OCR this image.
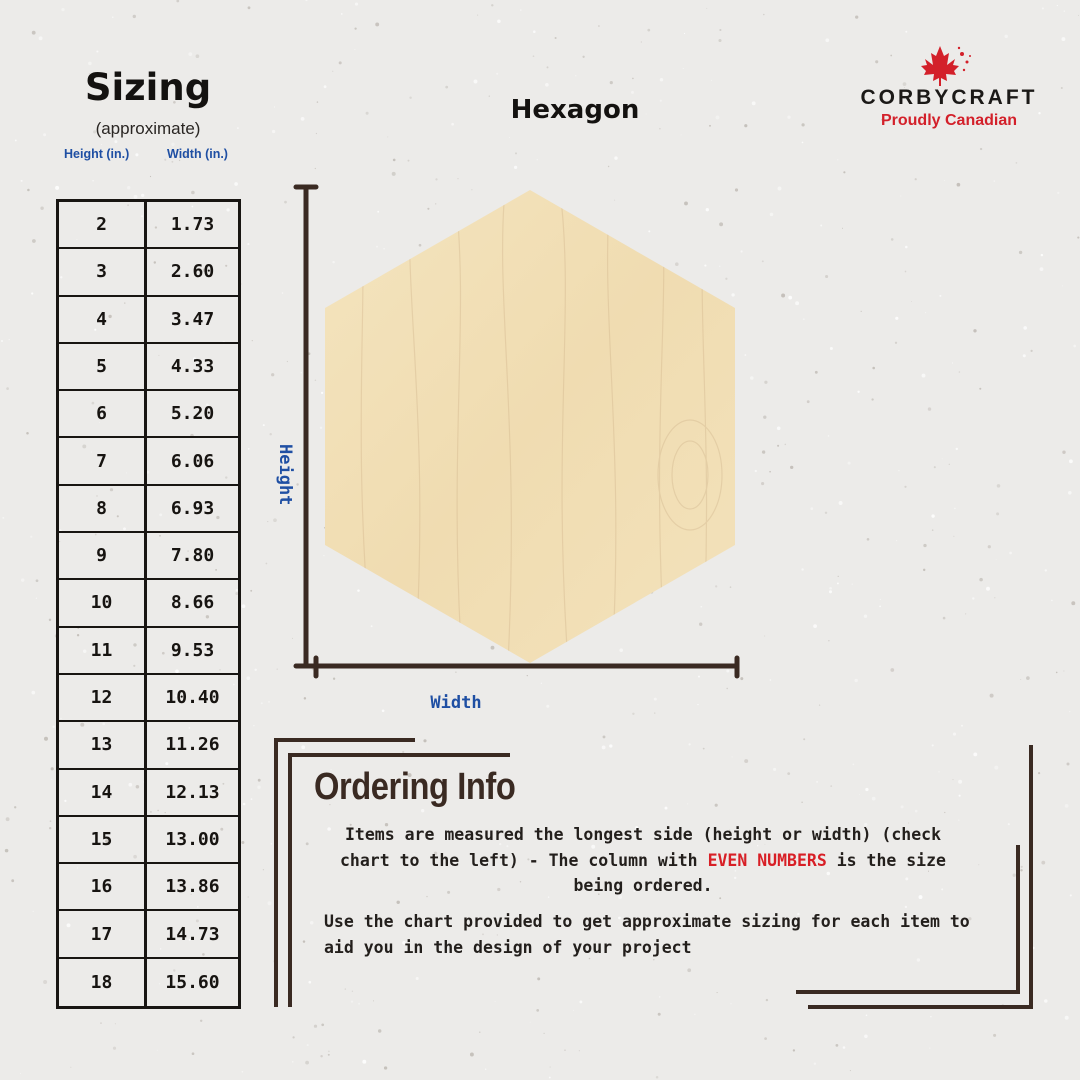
Sizing
(approximate)
Height (in.)	Width (in.)
2	1.73
3	2.60
4	3.47
5	4.33
6	5.20
7	6.06
8	6.93
9	7.80
10	8.66
11	9.53
12	10.40
13	11.26
14	12.13
15	13.00
16	13.86
17	14.73
18	15.60
Hexagon
Height
Width
CORBYCRAFT
Proudly Canadian
Ordering Info
Items are measured the longest side (height or width) (check chart to the left) - The column with EVEN NUMBERS is the size being ordered.
Use the chart provided to get approximate sizing for each item to aid you in the design of your project
